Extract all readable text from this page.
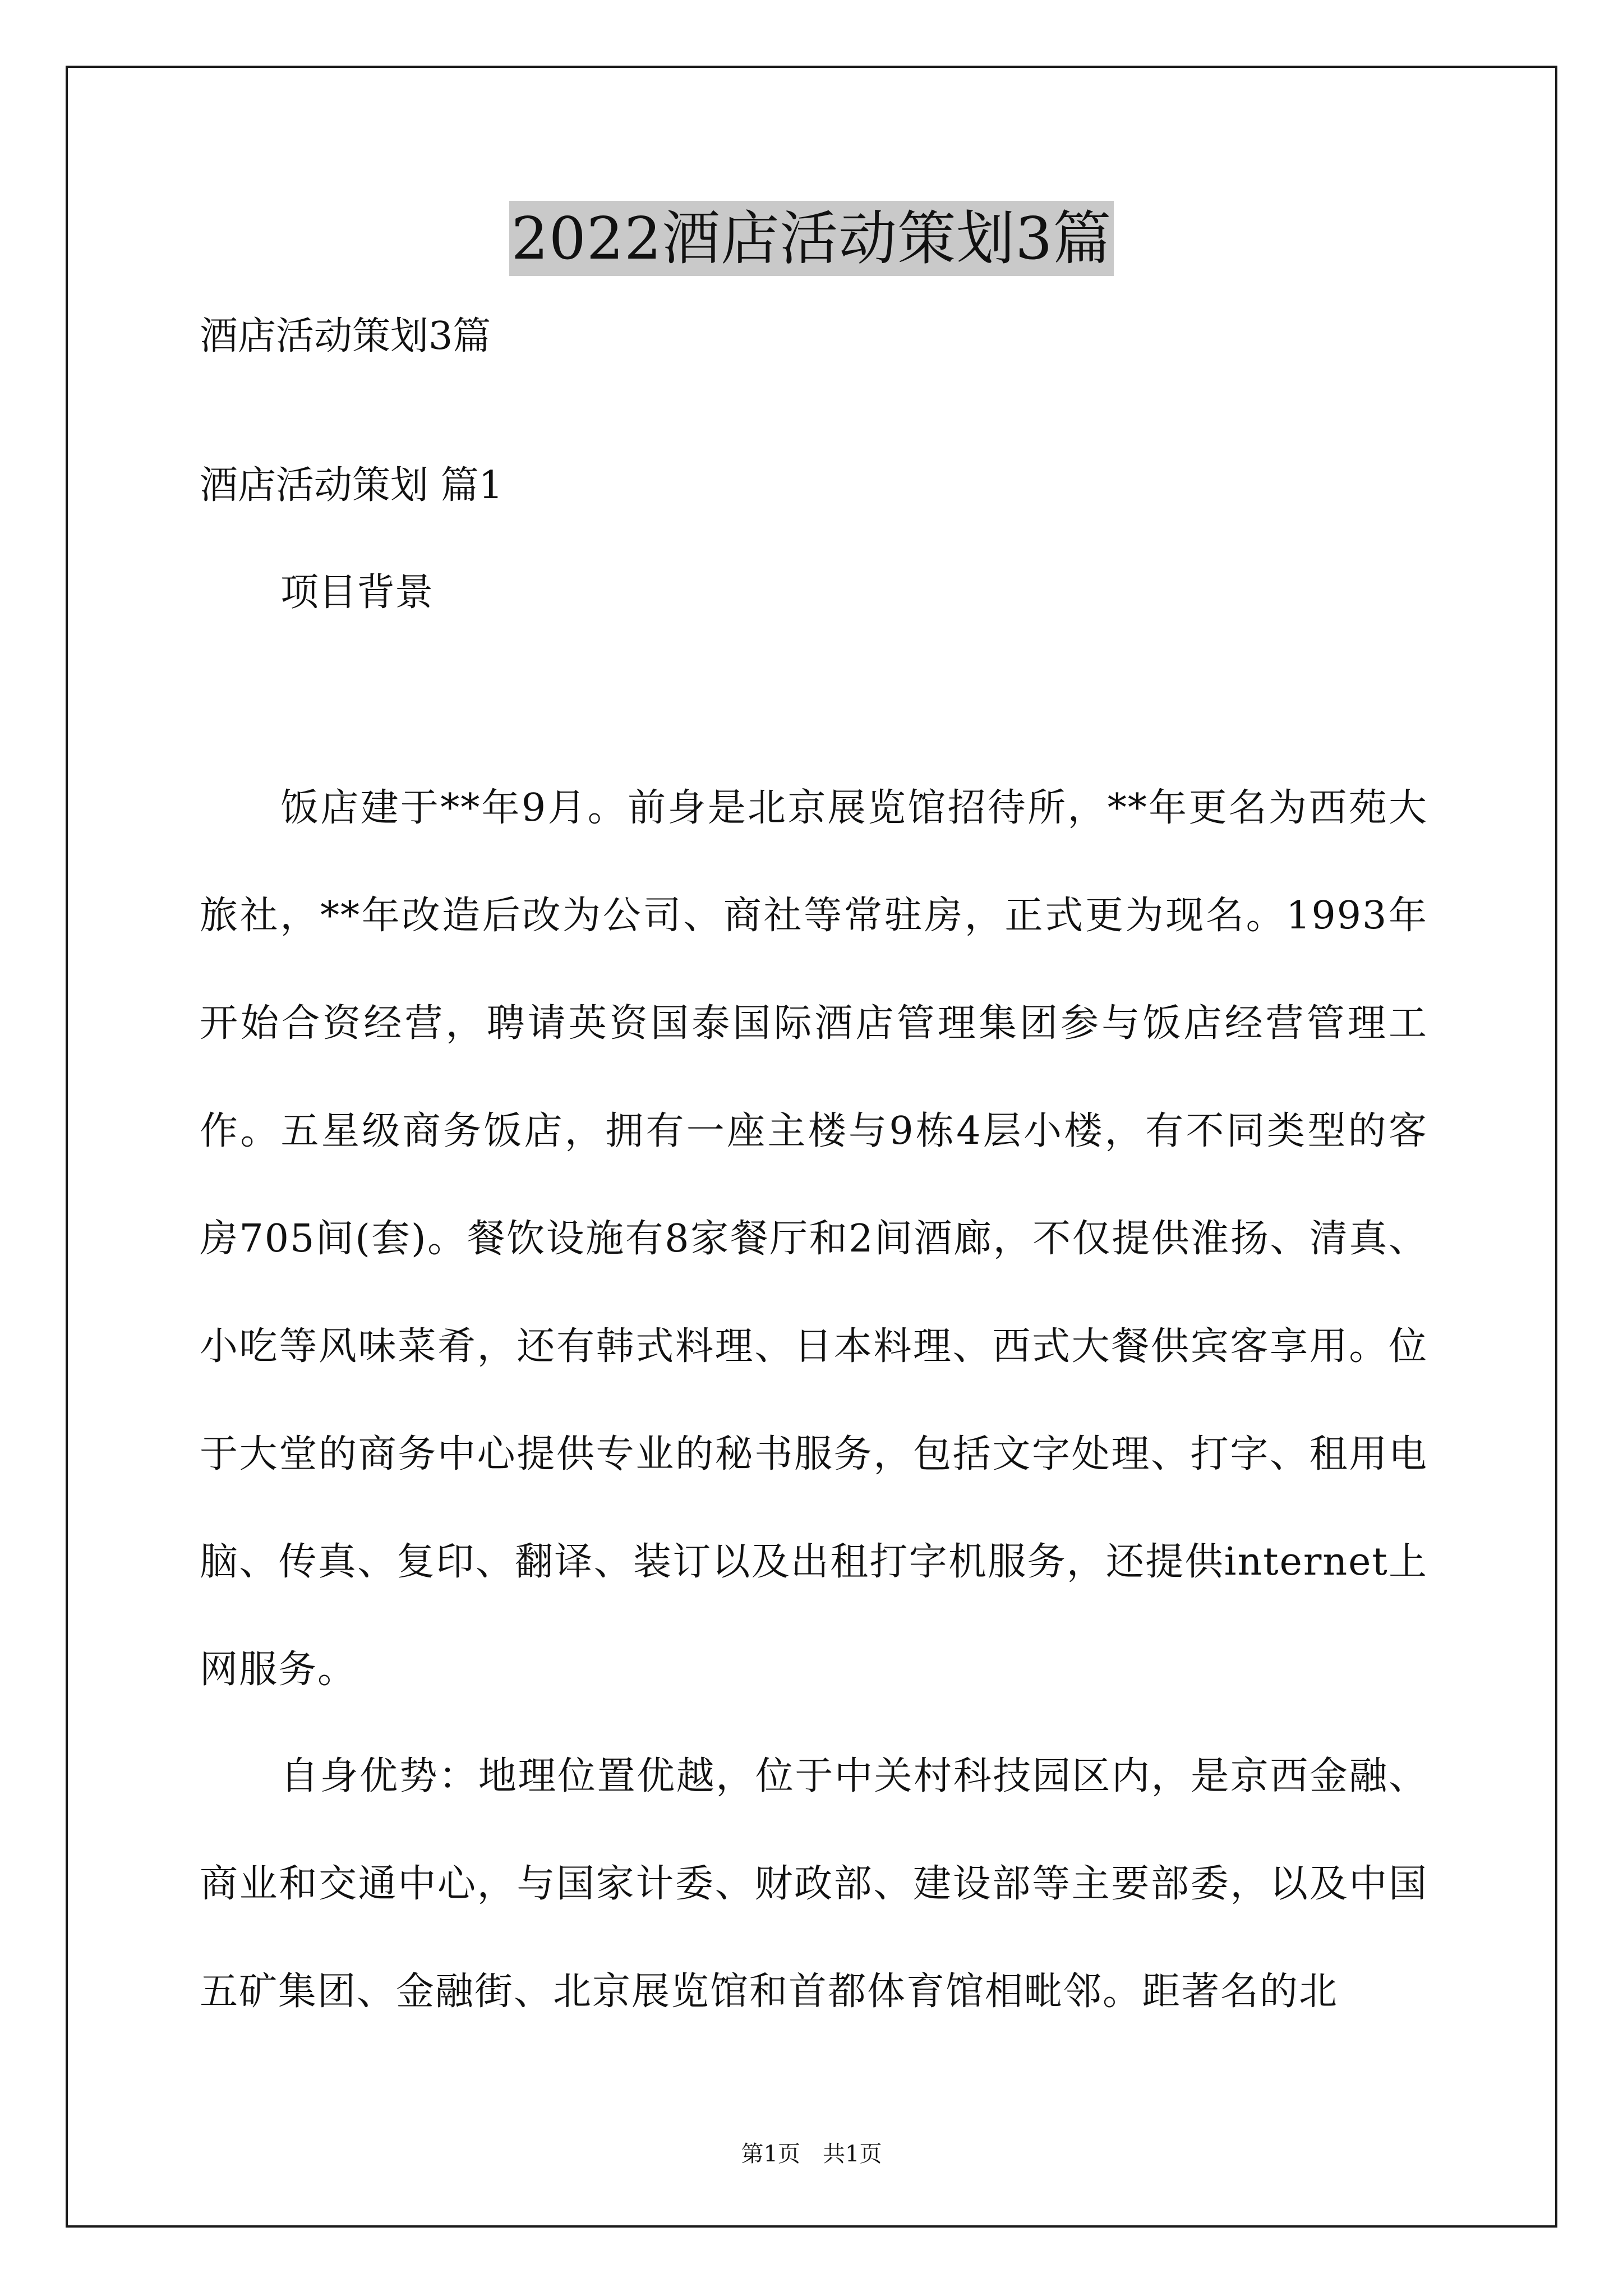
2022酒店活动策划3篇
酒店活动策划3篇
酒店活动策划 篇1
项目背景
饭店建于**年9月。前身是北京展览馆招待所，**年更名为西苑大旅社，**年改造后改为公司、商社等常驻房，正式更为现名。1993年开始合资经营，聘请英资国泰国际酒店管理集团参与饭店经营管理工作。五星级商务饭店，拥有一座主楼与9栋4层小楼，有不同类型的客房705间(套)。餐饮设施有8家餐厅和2间酒廊，不仅提供淮扬、清真、小吃等风味菜肴，还有韩式料理、日本料理、西式大餐供宾客享用。位于大堂的商务中心提供专业的秘书服务，包括文字处理、打字、租用电脑、传真、复印、翻译、装订以及出租打字机服务，还提供internet上网服务。
自身优势：地理位置优越，位于中关村科技园区内，是京西金融、商业和交通中心，与国家计委、财政部、建设部等主要部委，以及中国五矿集团、金融街、北京展览馆和首都体育馆相毗邻。距著名的北
第1页　共1页
